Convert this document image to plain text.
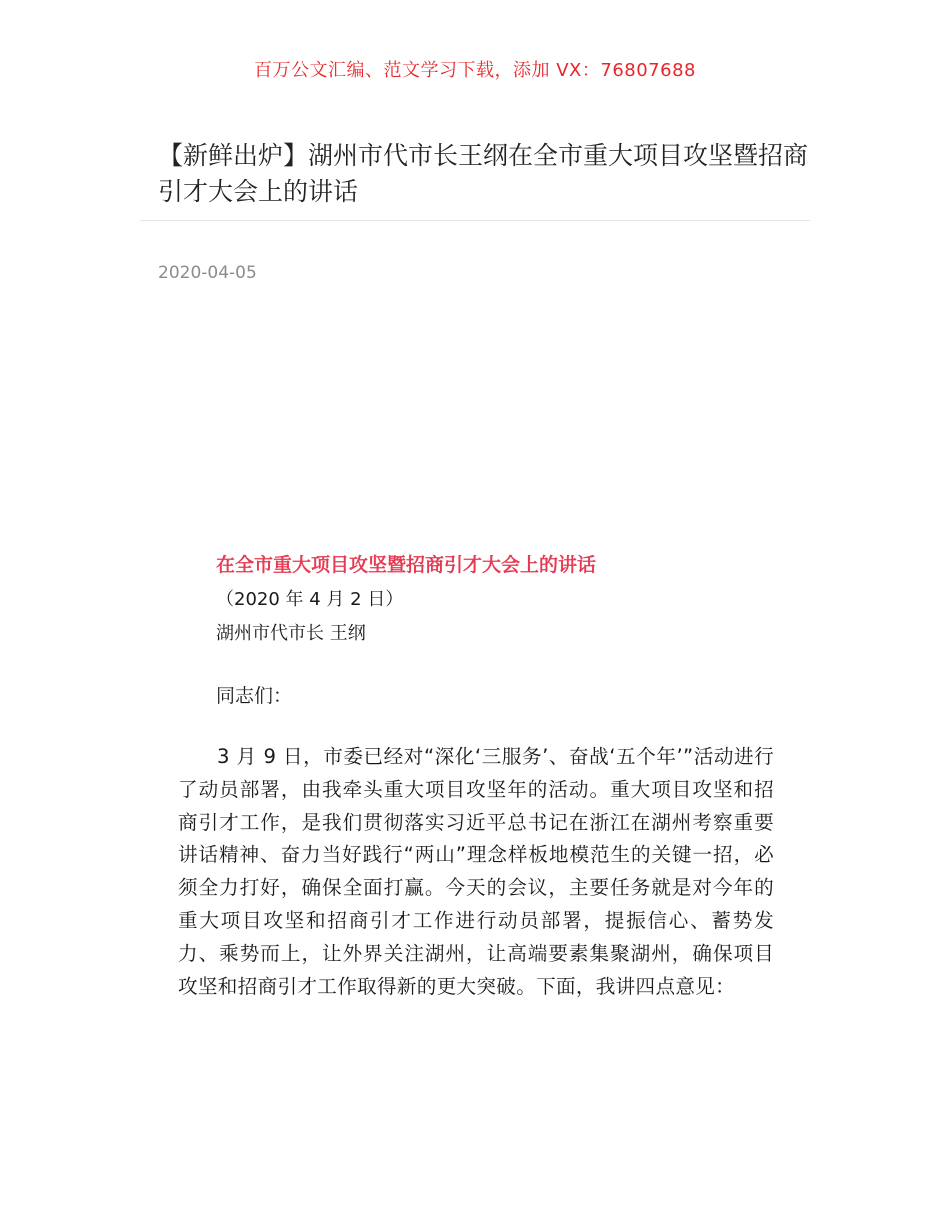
百万公文汇编、范文学习下载，添加 VX：76807688
【新鲜出炉】湖州市代市长王纲在全市重大项目攻坚暨招商引才大会上的讲话
2020-04-05
在全市重大项目攻坚暨招商引才大会上的讲话
（2020 年 4 月 2 日）
湖州市代市长 王纲
同志们：

3 月 9 日，市委已经对“深化‘三服务’、奋战‘五个年’”活动进行了动员部署，由我牵头重大项目攻坚年的活动。重大项目攻坚和招商引才工作，是我们贯彻落实习近平总书记在浙江在湖州考察重要讲话精神、奋力当好践行“两山”理念样板地模范生的关键一招，必须全力打好，确保全面打赢。今天的会议，主要任务就是对今年的重大项目攻坚和招商引才工作进行动员部署，提振信心、蓄势发力、乘势而上，让外界关注湖州，让高端要素集聚湖州，确保项目攻坚和招商引才工作取得新的更大突破。下面，我讲四点意见：
